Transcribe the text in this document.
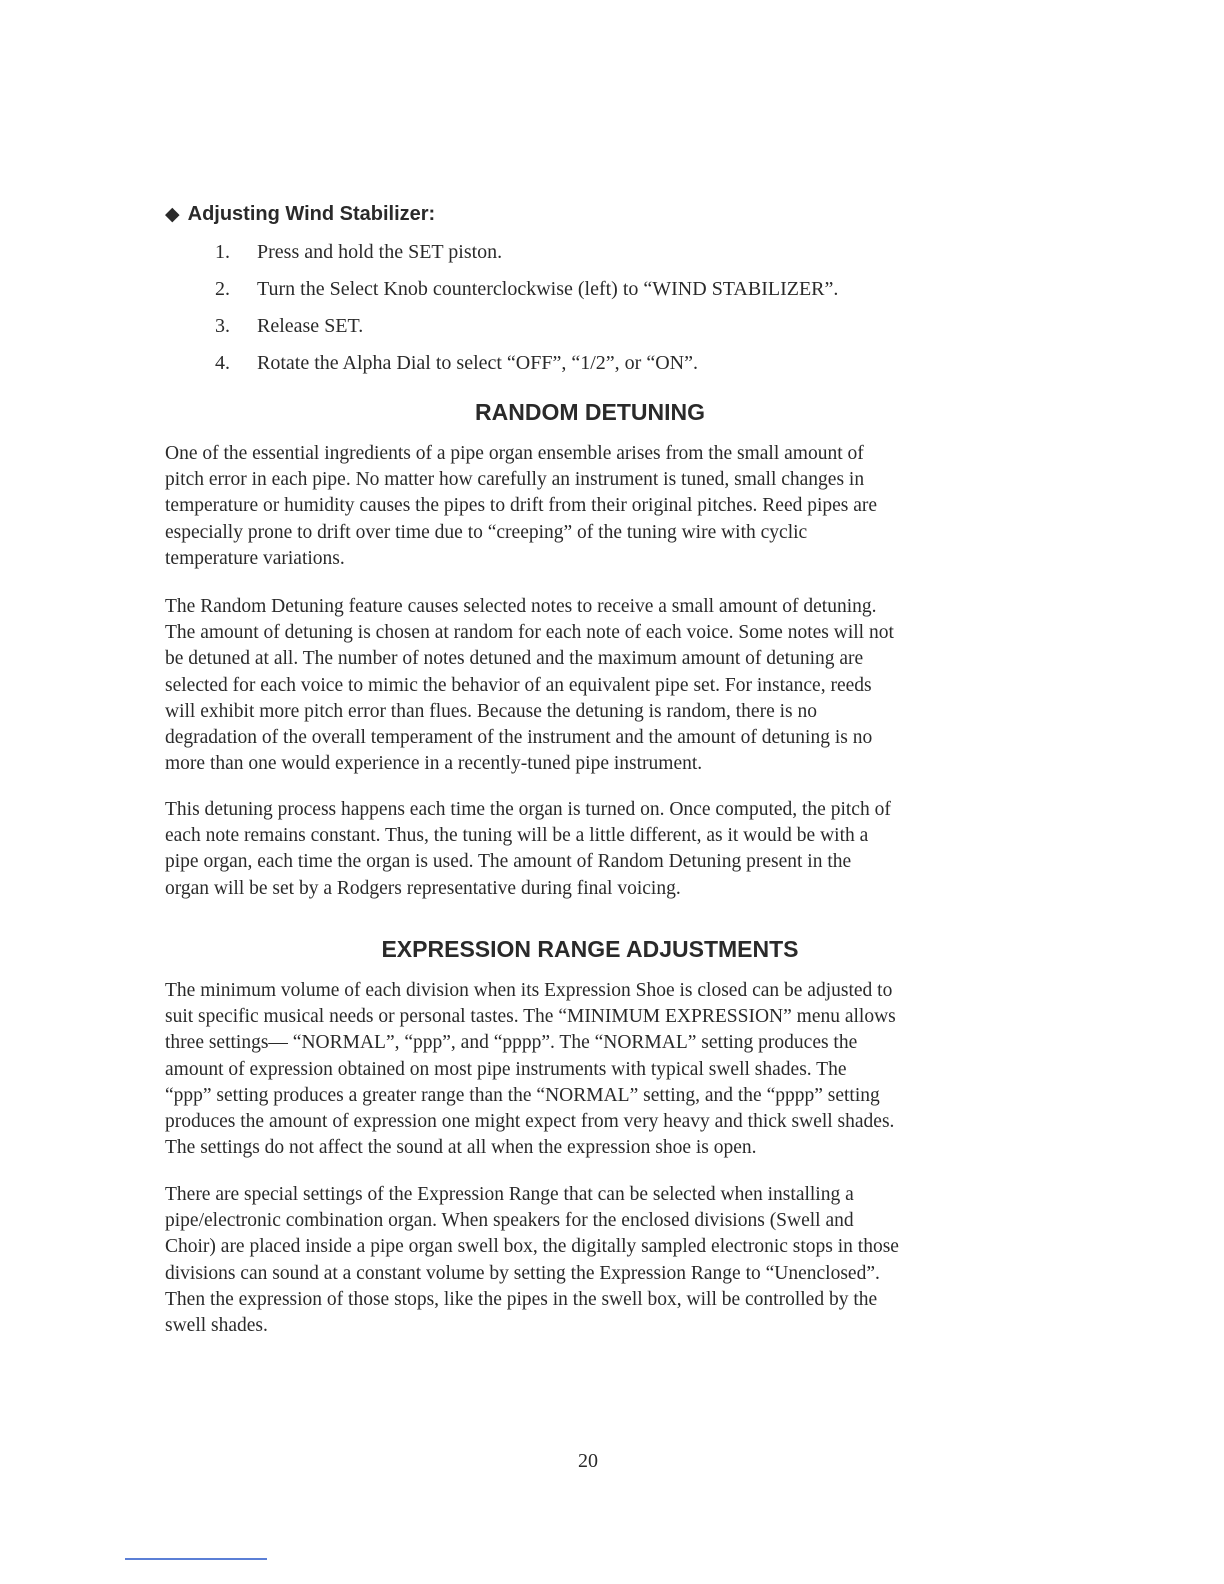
◆ Adjusting Wind Stabilizer:
1. Press and hold the SET piston.
2. Turn the Select Knob counterclockwise (left) to “WIND STABILIZER”.
3. Release SET.
4. Rotate the Alpha Dial to select “OFF”, “1/2”, or “ON”.
RANDOM DETUNING

One of the essential ingredients of a pipe organ ensemble arises from the small amount of
pitch error in each pipe. No matter how carefully an instrument is tuned, small changes in
temperature or humidity causes the pipes to drift from their original pitches. Reed pipes are
especially prone to drift over time due to “creeping” of the tuning wire with cyclic
temperature variations.

The Random Detuning feature causes selected notes to receive a small amount of detuning.
The amount of detuning is chosen at random for each note of each voice. Some notes will not
be detuned at all. The number of notes detuned and the maximum amount of detuning are
selected for each voice to mimic the behavior of an equivalent pipe set. For instance, reeds
will exhibit more pitch error than flues. Because the detuning is random, there is no
degradation of the overall temperament of the instrument and the amount of detuning is no
more than one would experience in a recently-tuned pipe instrument.

This detuning process happens each time the organ is turned on. Once computed, the pitch of
each note remains constant. Thus, the tuning will be a little different, as it would be with a
pipe organ, each time the organ is used. The amount of Random Detuning present in the
organ will be set by a Rodgers representative during final voicing.

EXPRESSION RANGE ADJUSTMENTS

The minimum volume of each division when its Expression Shoe is closed can be adjusted to
suit specific musical needs or personal tastes. The “MINIMUM EXPRESSION” menu allows
three settings— “NORMAL”, “ppp”, and “pppp”. The “NORMAL” setting produces the
amount of expression obtained on most pipe instruments with typical swell shades. The
“ppp” setting produces a greater range than the “NORMAL” setting, and the “pppp” setting
produces the amount of expression one might expect from very heavy and thick swell shades.
The settings do not affect the sound at all when the expression shoe is open.

There are special settings of the Expression Range that can be selected when installing a
pipe/electronic combination organ. When speakers for the enclosed divisions (Swell and
Choir) are placed inside a pipe organ swell box, the digitally sampled electronic stops in those
divisions can sound at a constant volume by setting the Expression Range to “Unenclosed”.
Then the expression of those stops, like the pipes in the swell box, will be controlled by the
swell shades.

20
